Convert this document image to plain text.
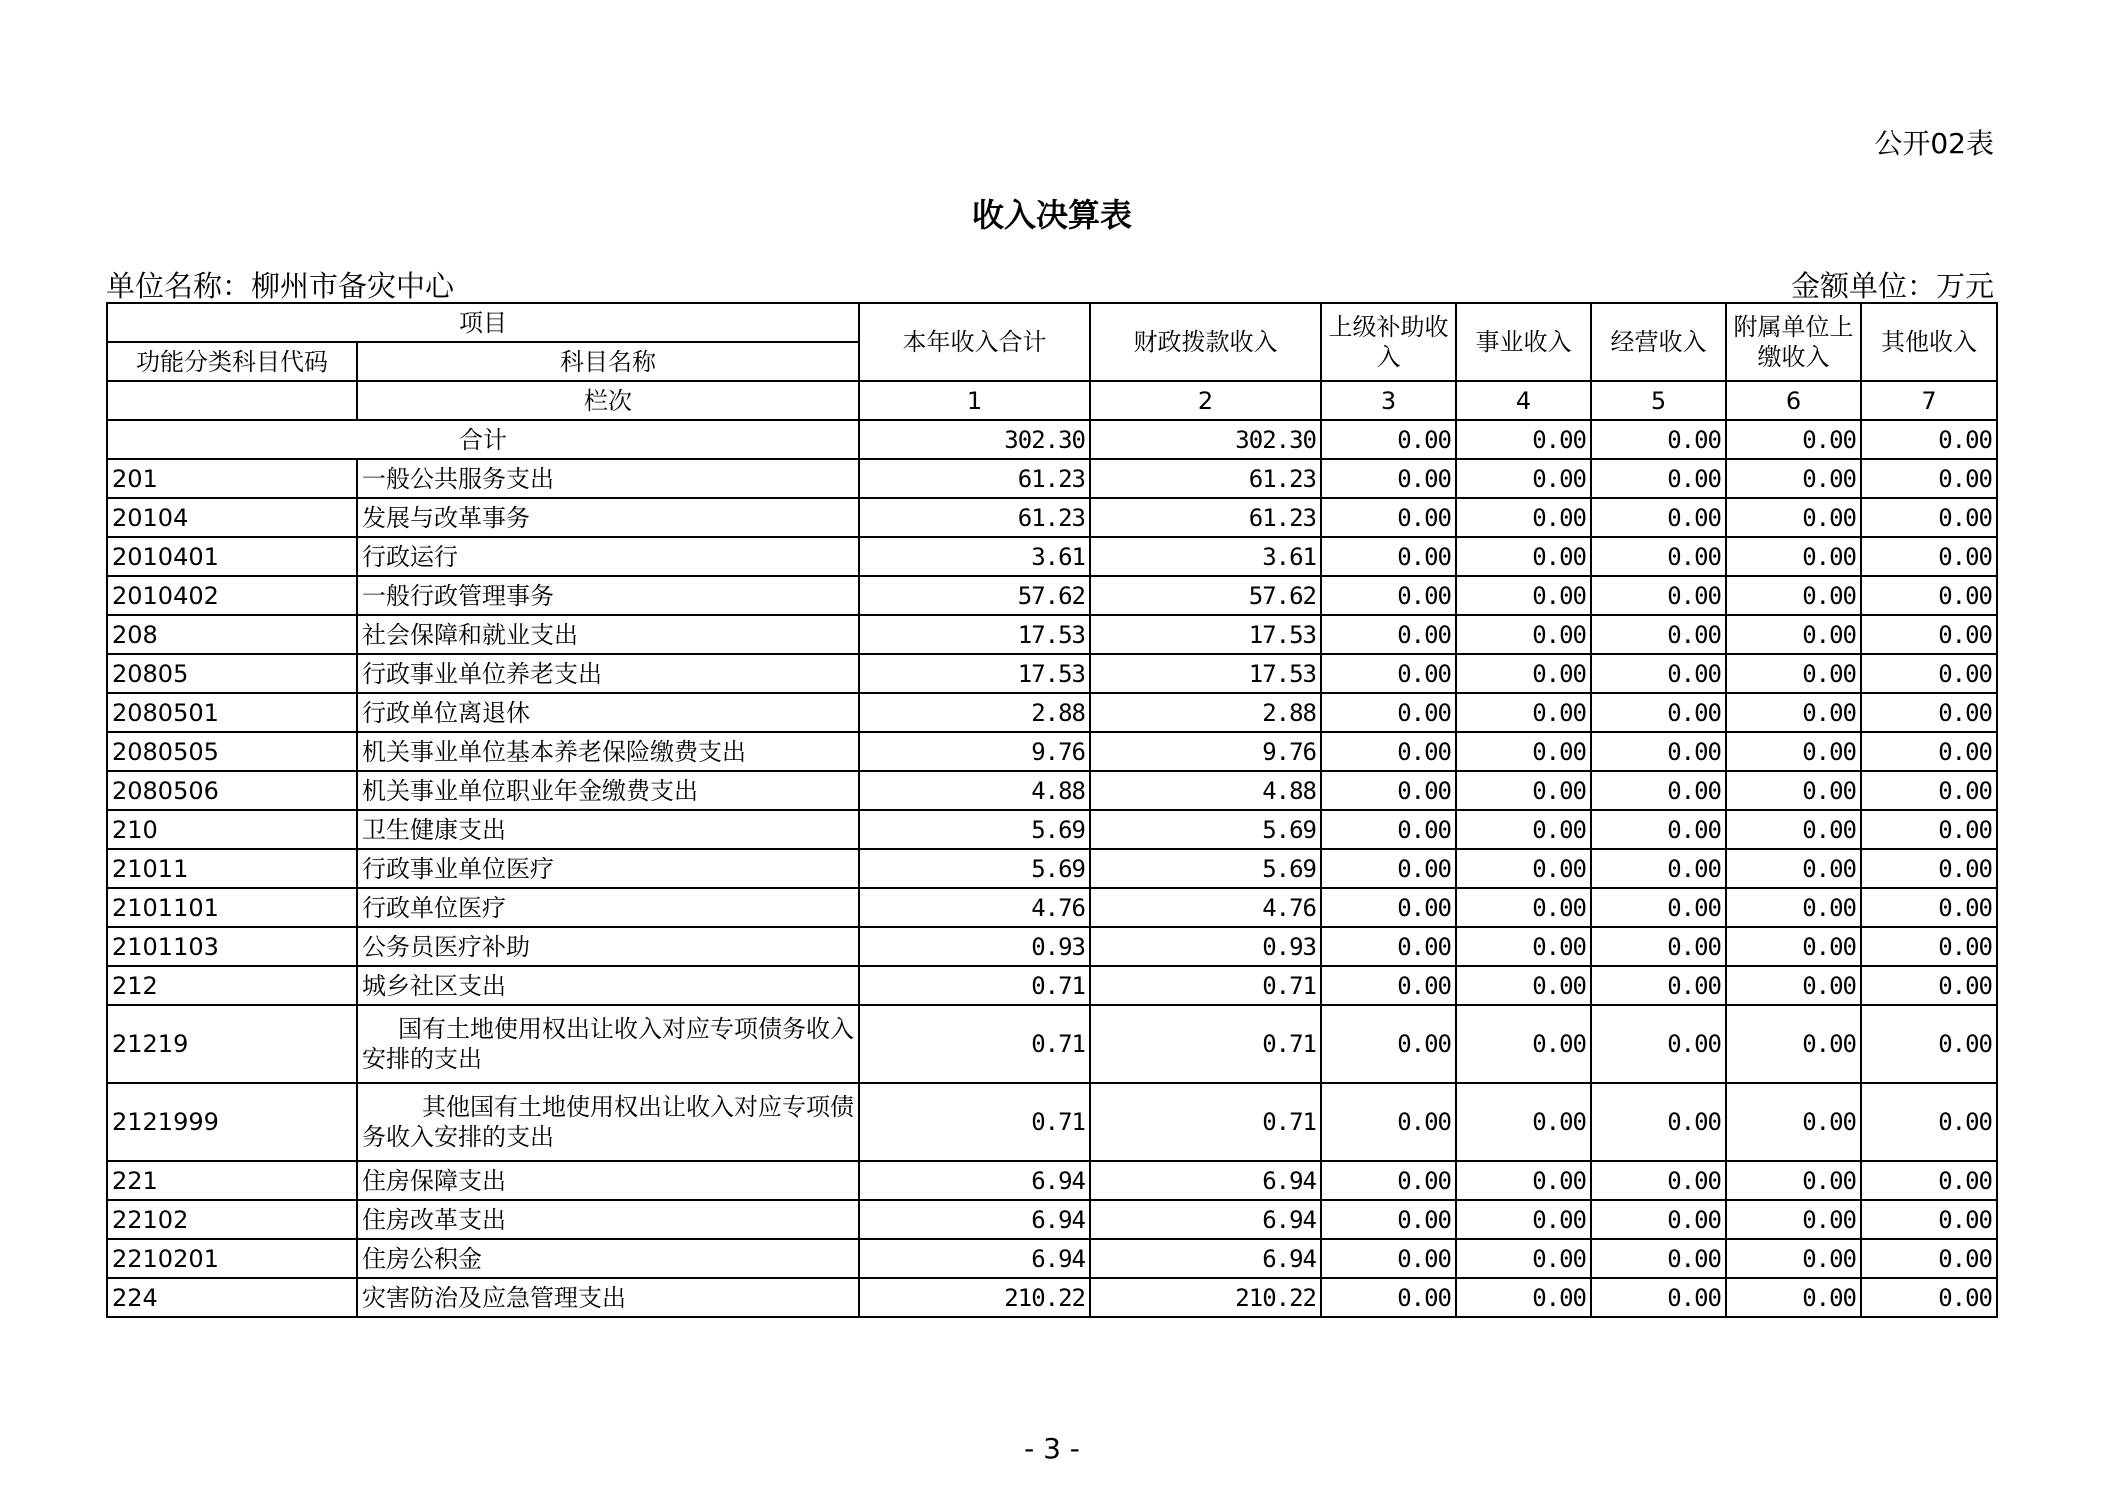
公开02表
收入决算表
单位名称：柳州市备灾中心	金额单位：万元
项目		本年收入合计	财政拨款收入	上级补助收入	事业收入	经营收入	附属单位上缴收入	其他收入
功能分类科目代码	科目名称							
	栏次	1	2	3	4	5	6	7
合计		302.30	302.30	0.00	0.00	0.00	0.00	0.00
201	一般公共服务支出	61.23	61.23	0.00	0.00	0.00	0.00	0.00
20104	发展与改革事务	61.23	61.23	0.00	0.00	0.00	0.00	0.00
2010401	行政运行	3.61	3.61	0.00	0.00	0.00	0.00	0.00
2010402	一般行政管理事务	57.62	57.62	0.00	0.00	0.00	0.00	0.00
208	社会保障和就业支出	17.53	17.53	0.00	0.00	0.00	0.00	0.00
20805	行政事业单位养老支出	17.53	17.53	0.00	0.00	0.00	0.00	0.00
2080501	行政单位离退休	2.88	2.88	0.00	0.00	0.00	0.00	0.00
2080505	机关事业单位基本养老保险缴费支出	9.76	9.76	0.00	0.00	0.00	0.00	0.00
2080506	机关事业单位职业年金缴费支出	4.88	4.88	0.00	0.00	0.00	0.00	0.00
210	卫生健康支出	5.69	5.69	0.00	0.00	0.00	0.00	0.00
21011	行政事业单位医疗	5.69	5.69	0.00	0.00	0.00	0.00	0.00
2101101	行政单位医疗	4.76	4.76	0.00	0.00	0.00	0.00	0.00
2101103	公务员医疗补助	0.93	0.93	0.00	0.00	0.00	0.00	0.00
212	城乡社区支出	0.71	0.71	0.00	0.00	0.00	0.00	0.00
21219	国有土地使用权出让收入对应专项债务收入安排的支出	0.71	0.71	0.00	0.00	0.00	0.00	0.00
2121999	其他国有土地使用权出让收入对应专项债务收入安排的支出	0.71	0.71	0.00	0.00	0.00	0.00	0.00
221	住房保障支出	6.94	6.94	0.00	0.00	0.00	0.00	0.00
22102	住房改革支出	6.94	6.94	0.00	0.00	0.00	0.00	0.00
2210201	住房公积金	6.94	6.94	0.00	0.00	0.00	0.00	0.00
224	灾害防治及应急管理支出	210.22	210.22	0.00	0.00	0.00	0.00	0.00
- 3 -
